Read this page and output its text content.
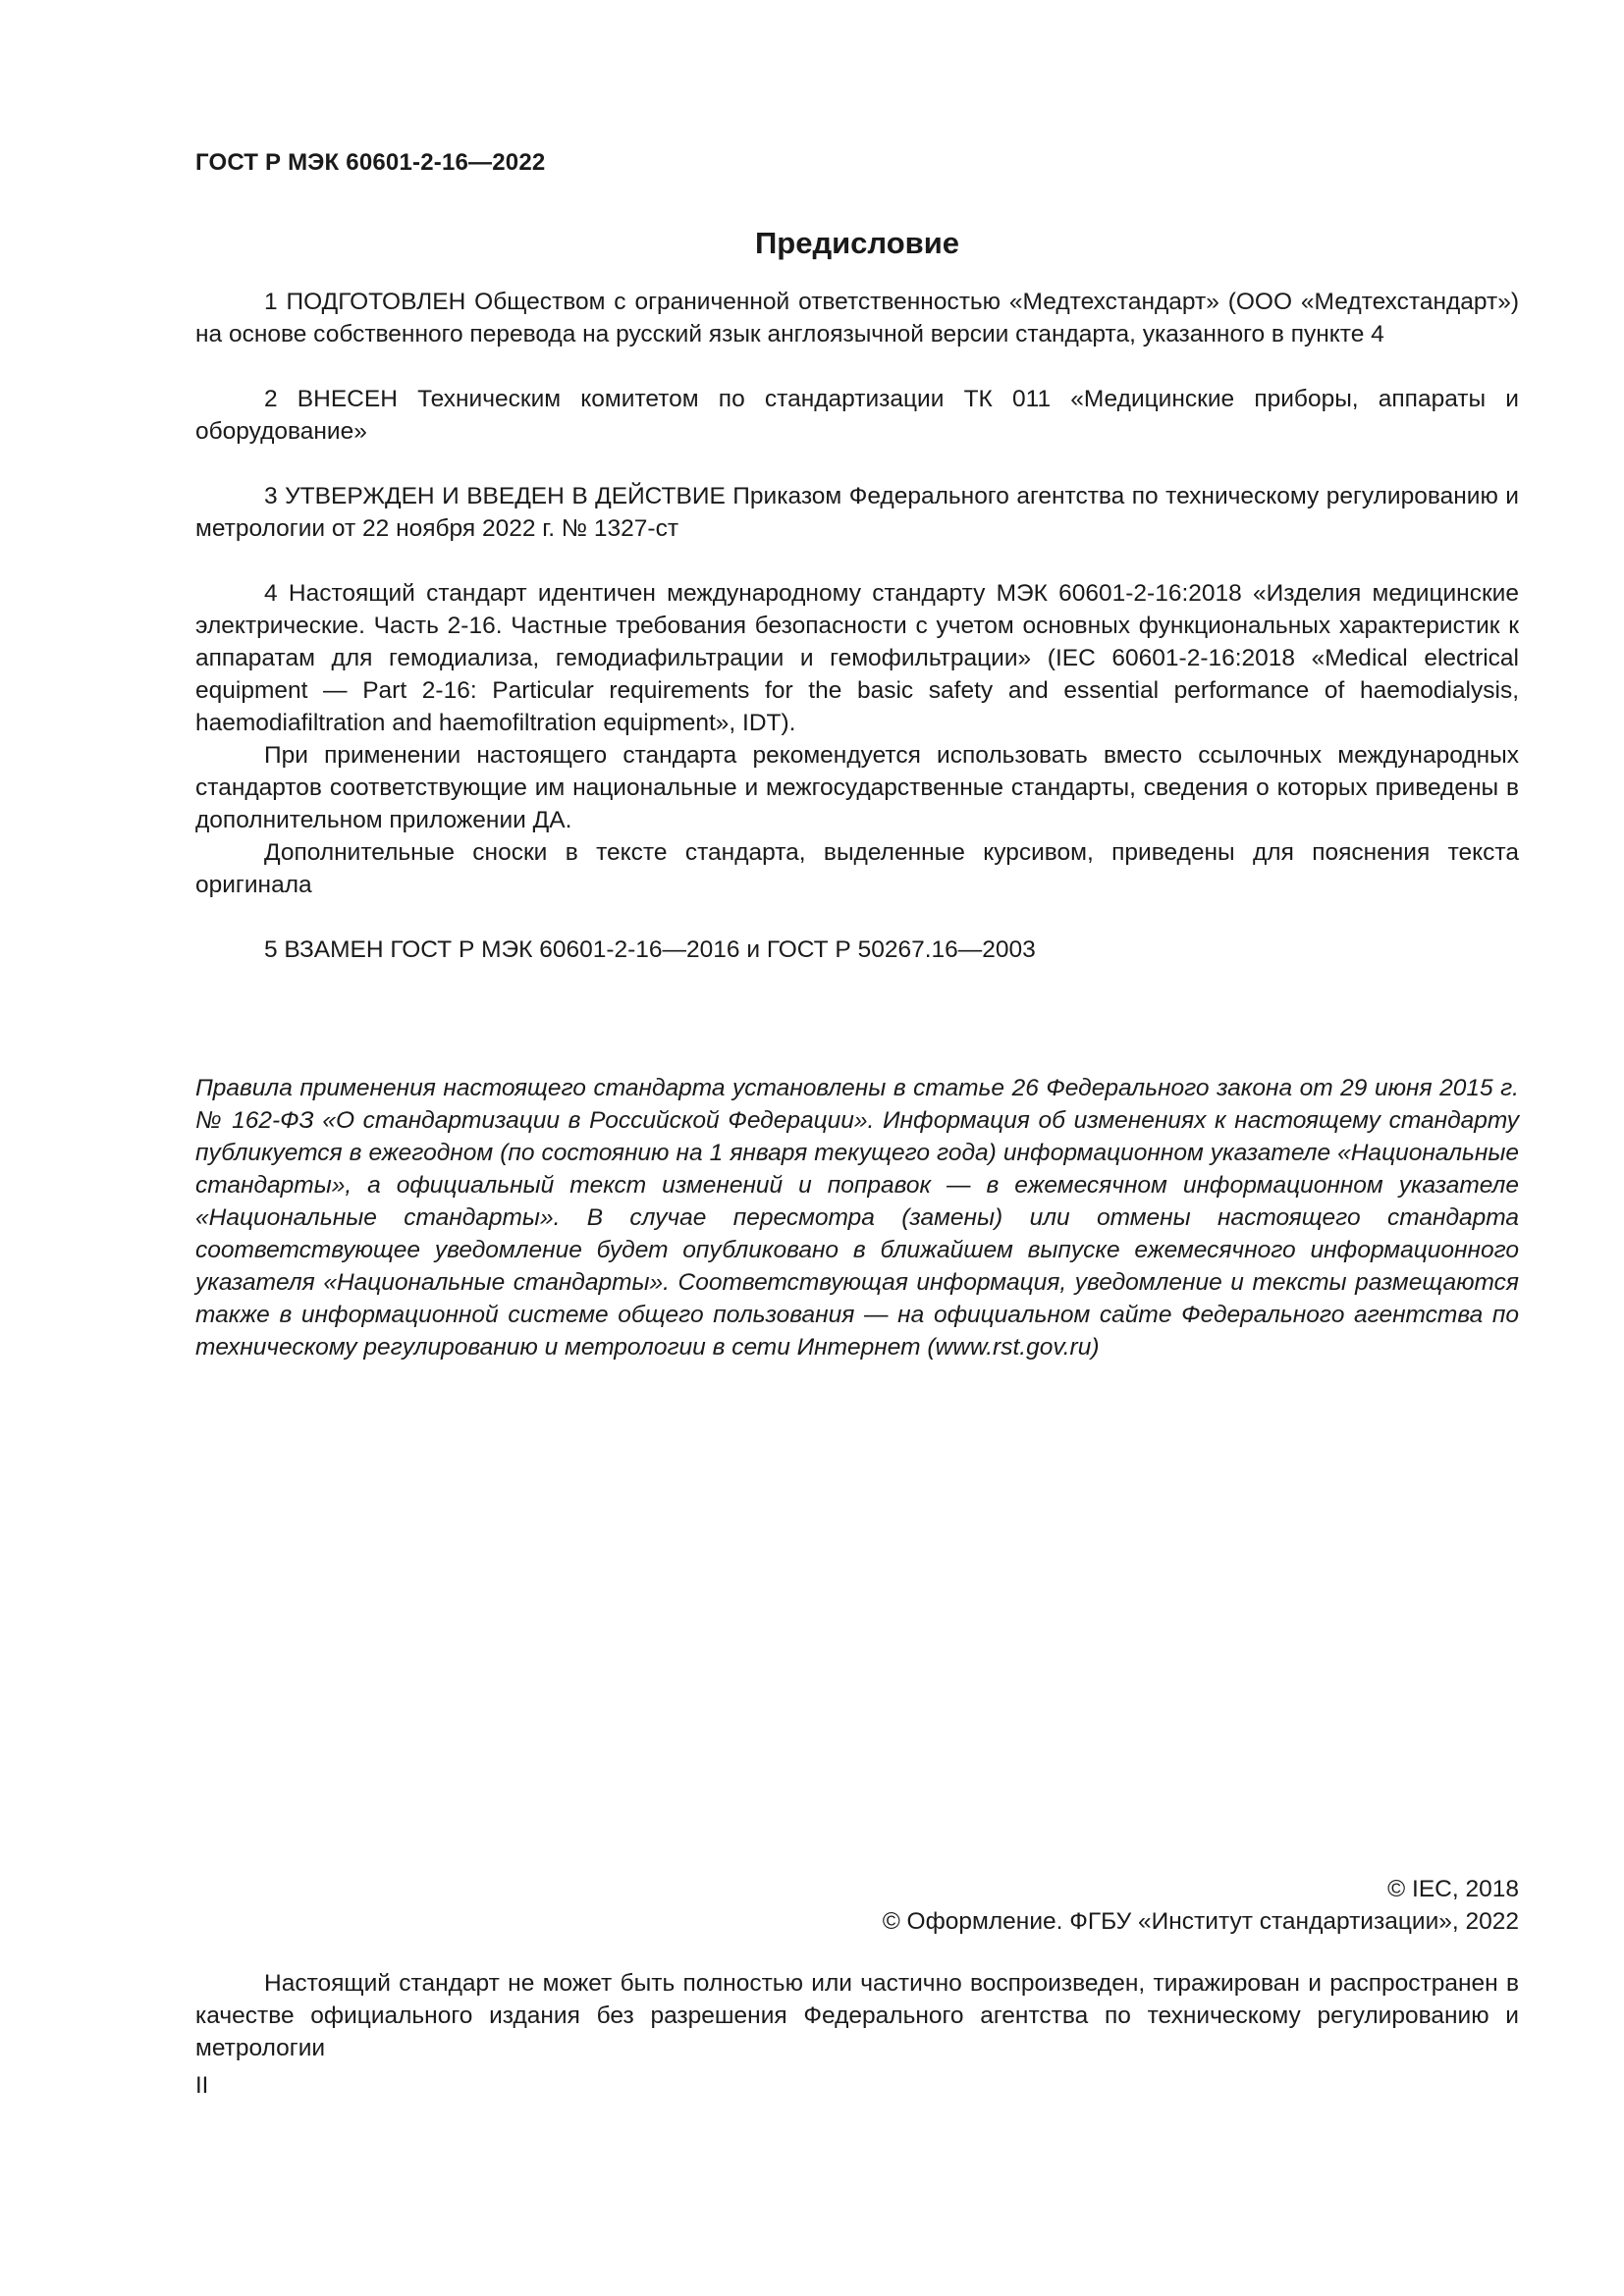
ГОСТ Р МЭК 60601-2-16—2022
Предисловие

1 ПОДГОТОВЛЕН Обществом с ограниченной ответственностью «Медтехстандарт» (ООО «Медтехстандарт») на основе собственного перевода на русский язык англоязычной версии стандарта, указанного в пункте 4

2 ВНЕСЕН Техническим комитетом по стандартизации ТК 011 «Медицинские приборы, аппараты и оборудование»

3 УТВЕРЖДЕН И ВВЕДЕН В ДЕЙСТВИЕ Приказом Федерального агентства по техническому регулированию и метрологии от 22 ноября 2022 г. № 1327-ст

4 Настоящий стандарт идентичен международному стандарту МЭК 60601-2-16:2018 «Изделия медицинские электрические. Часть 2-16. Частные требования безопасности с учетом основных функциональных характеристик к аппаратам для гемодиализа, гемодиафильтрации и гемофильтрации» (IEC 60601-2-16:2018 «Medical electrical equipment — Part 2-16: Particular requirements for the basic safety and essential performance of haemodialysis, haemodiafiltration and haemofiltration equipment», IDT).

При применении настоящего стандарта рекомендуется использовать вместо ссылочных международных стандартов соответствующие им национальные и межгосударственные стандарты, сведения о которых приведены в дополнительном приложении ДА.

Дополнительные сноски в тексте стандарта, выделенные курсивом, приведены для пояснения текста оригинала

5 ВЗАМЕН ГОСТ Р МЭК 60601-2-16—2016 и ГОСТ Р 50267.16—2003

Правила применения настоящего стандарта установлены в статье 26 Федерального закона от 29 июня 2015 г. № 162-ФЗ «О стандартизации в Российской Федерации». Информация об изменениях к настоящему стандарту публикуется в ежегодном (по состоянию на 1 января текущего года) информационном указателе «Национальные стандарты», а официальный текст изменений и поправок — в ежемесячном информационном указателе «Национальные стандарты». В случае пересмотра (замены) или отмены настоящего стандарта соответствующее уведомление будет опубликовано в ближайшем выпуске ежемесячного информационного указателя «Национальные стандарты». Соответствующая информация, уведомление и тексты размещаются также в информационной системе общего пользования — на официальном сайте Федерального агентства по техническому регулированию и метрологии в сети Интернет (www.rst.gov.ru)

© IEC, 2018
© Оформление. ФГБУ «Институт стандартизации», 2022

Настоящий стандарт не может быть полностью или частично воспроизведен, тиражирован и распространен в качестве официального издания без разрешения Федерального агентства по техническому регулированию и метрологии

II
